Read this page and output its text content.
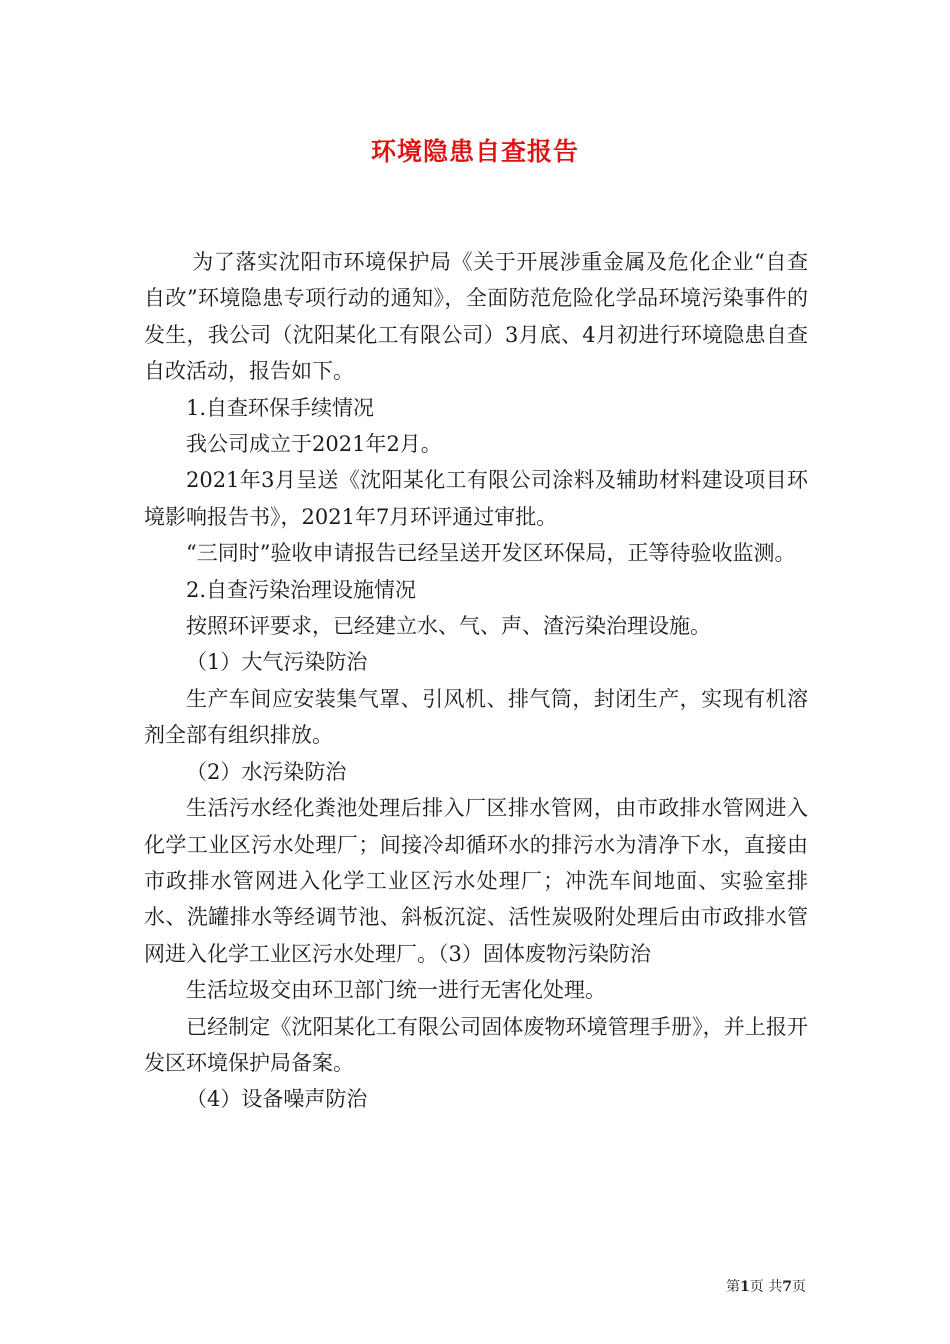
环境隐患自查报告

为了落实沈阳市环境保护局《关于开展涉重金属及危化企业“自查自改”环境隐患专项行动的通知》，全面防范危险化学品环境污染事件的发生，我公司（沈阳某化工有限公司）3月底、4月初进行环境隐患自查自改活动，报告如下。

1.自查环保手续情况

我公司成立于2021年2月。

2021年3月呈送《沈阳某化工有限公司涂料及辅助材料建设项目环境影响报告书》，2021年7月环评通过审批。

“三同时”验收申请报告已经呈送开发区环保局，正等待验收监测。

2.自查污染治理设施情况

按照环评要求，已经建立水、气、声、渣污染治理设施。

（1）大气污染防治

生产车间应安装集气罩、引风机、排气筒，封闭生产，实现有机溶剂全部有组织排放。

（2）水污染防治

生活污水经化粪池处理后排入厂区排水管网，由市政排水管网进入化学工业区污水处理厂；间接冷却循环水的排污水为清净下水，直接由市政排水管网进入化学工业区污水处理厂；冲洗车间地面、实验室排水、洗罐排水等经调节池、斜板沉淀、活性炭吸附处理后由市政排水管网进入化学工业区污水处理厂。（3）固体废物污染防治

生活垃圾交由环卫部门统一进行无害化处理。

已经制定《沈阳某化工有限公司固体废物环境管理手册》，并上报开发区环境保护局备案。

（4）设备噪声防治

第1页 共7页
